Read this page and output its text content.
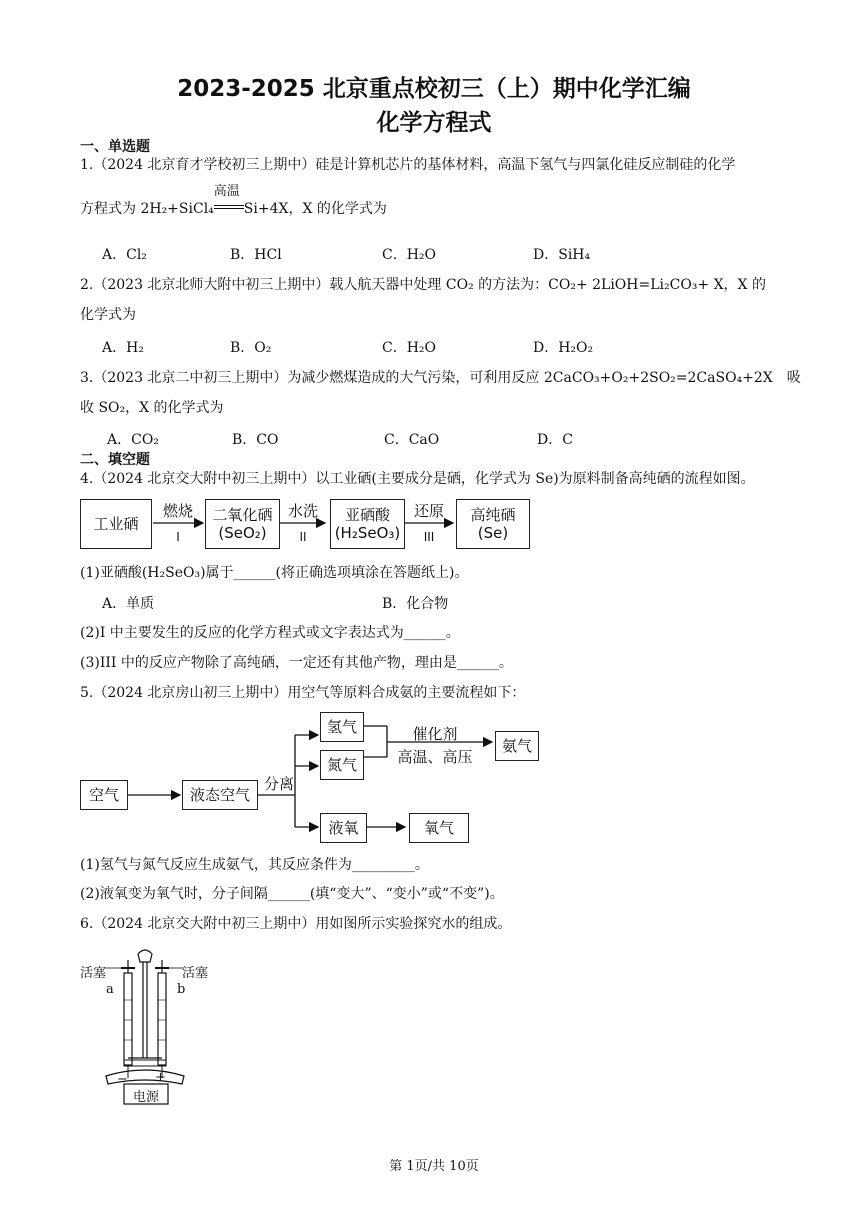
2023-2025 北京重点校初三（上）期中化学汇编
化学方程式
一、单选题
1.（2024 北京育才学校初三上期中）硅是计算机芯片的基体材料，高温下氢气与四氯化硅反应制硅的化学
方程式为 2H₂+SiCl₄
高温
Si+4X，X 的化学式为
A．Cl₂	B．HCl	C．H₂O	D．SiH₄
2.（2023 北京北师大附中初三上期中）载人航天器中处理 CO₂ 的方法为：CO₂+ 2LiOH=Li₂CO₃+ X，X 的
化学式为
A．H₂	B．O₂	C．H₂O	D．H₂O₂
3.（2023 北京二中初三上期中）为减少燃煤造成的大气污染，可利用反应 2CaCO₃+O₂+2SO₂=2CaSO₄+2X　吸
收 SO₂，X 的化学式为
A．CO₂	B．CO	C．CaO	D．C
二、填空题
4.（2024 北京交大附中初三上期中）以工业硒(主要成分是硒，化学式为 Se)为原料制备高纯硒的流程如图。
工业硒
燃烧
I
二氧化硒
(SeO₂)
水洗
II
亚硒酸
(H₂SeO₃)
还原
III
高纯硒
(Se)
(1)亚硒酸(H₂SeO₃)属于______(将正确选项填涂在答题纸上)。
A．单质	B．化合物
(2)I 中主要发生的反应的化学方程式或文字表达式为______。
(3)III 中的反应产物除了高纯硒，一定还有其他产物，理由是______。
5.（2024 北京房山初三上期中）用空气等原料合成氨的主要流程如下：
空气	液态空气
分离
氢气
氮气
催化剂
高温、高压
氨气
液氧	氧气
(1)氢气与氮气反应生成氨气，其反应条件为_________。
(2)液氧变为氧气时，分子间隔______(填“变大”、“变小”或“不变”)。
6.（2024 北京交大附中初三上期中）用如图所示实验探究水的组成。
活塞	活塞
a	b
− +
电源
第 1页/共 10页
